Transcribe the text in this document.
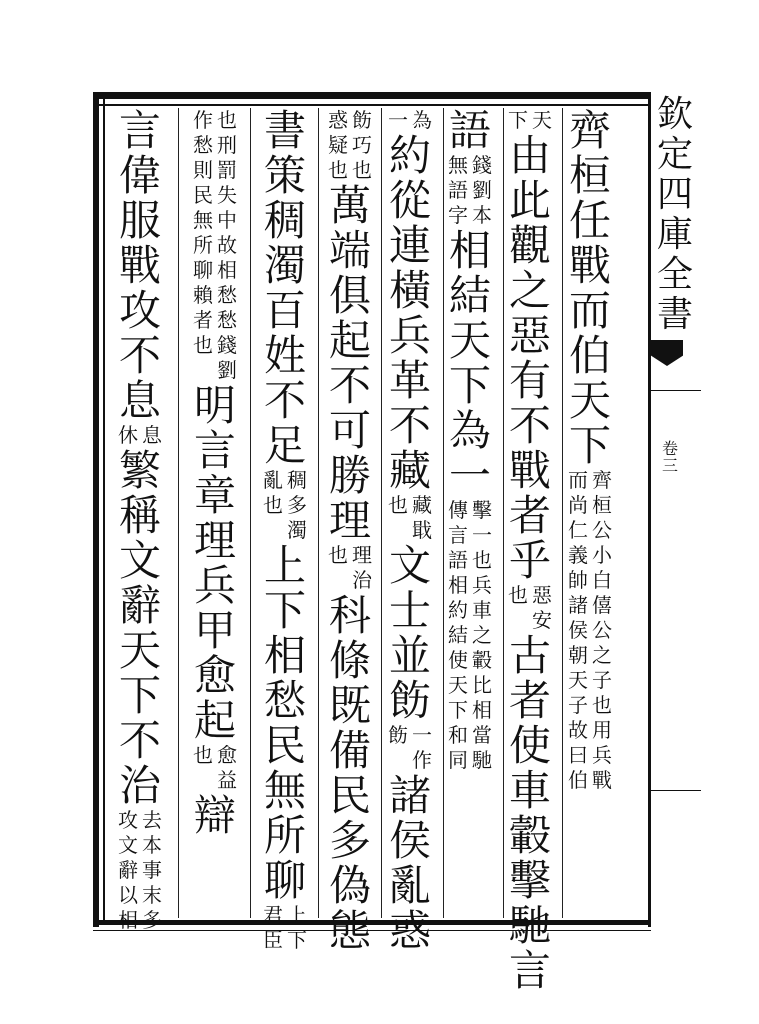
欽定四庫全書
卷三
齊
桓
任
戰
而
伯
天
下
齊
桓
公
小
白
僖
公
之
子
也
用
兵
戰
而
尚
仁
義
帥
諸
侯
朝
天
子
故
曰
伯
天
下
由
此
觀
之
惡
有
不
戰
者
乎
惡
安
也
古
者
使
車
轂
擊
馳
言
語
錢
劉
本
無
語
字
相
結
天
下
為
一
擊
一
也
兵
車
之
轂
比
相
當
馳
傳
言
語
相
約
結
使
天
下
和
同
為
一
約
從
連
橫
兵
革
不
藏
藏
戢
也
文
士
並
飭
一
作
飭
諸
侯
亂
惑
飭
巧
也
惑
疑
也
萬
端
俱
起
不
可
勝
理
理
也
治
科
條
既
備
民
多
偽
態
書
策
稠
濁
百
姓
不
足
稠
多
濁
亂
也
上
下
相
愁
民
無
所
聊
上
下
君
臣
也
刑
罰
失
中
故
相
愁
愁
錢
劉
作
愁
則
民
無
所
聊
賴
者
也
明
言
章
理
兵
甲
愈
起
愈
也
益
辯
言
偉
服
戰
攻
不
息
息
休
繁
稱
文
辭
天
下
不
治
去
本
事
末
多
攻
文
辭
以
相
